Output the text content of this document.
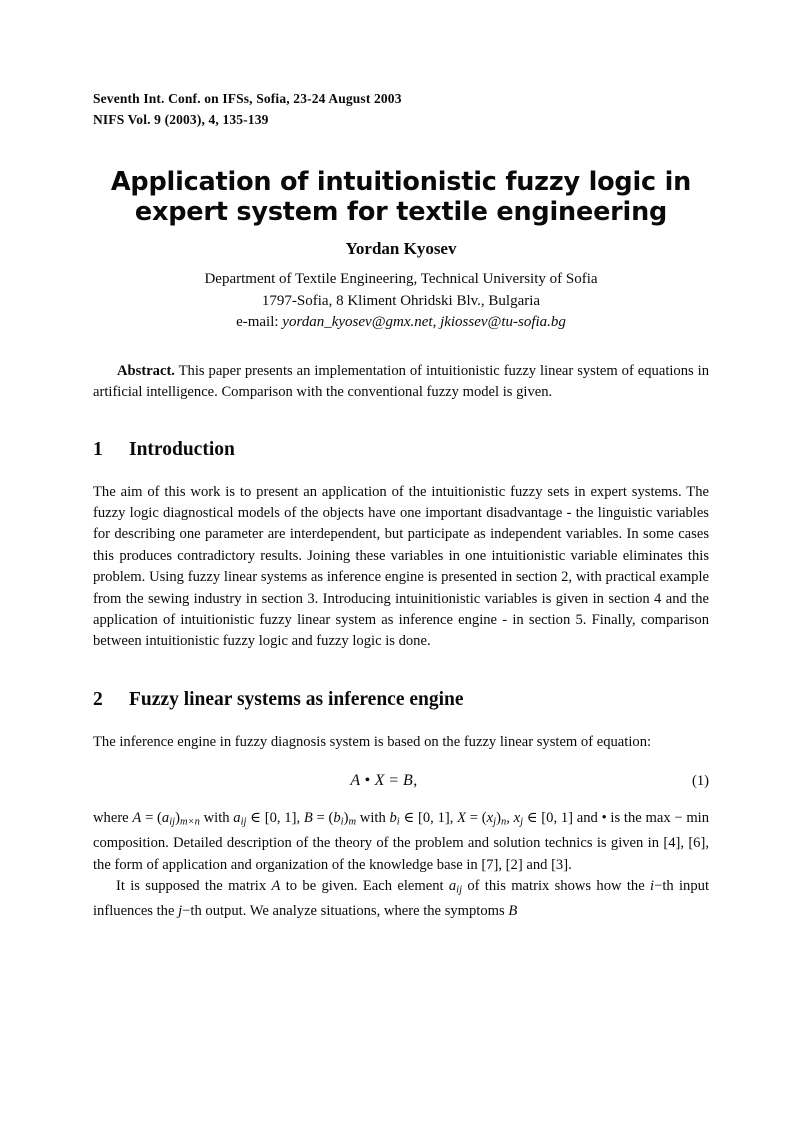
Seventh Int. Conf. on IFSs, Sofia, 23-24 August 2003
NIFS Vol. 9 (2003), 4, 135-139
Application of intuitionistic fuzzy logic in
expert system for textile engineering
Yordan Kyosev
Department of Textile Engineering, Technical University of Sofia
1797-Sofia, 8 Kliment Ohridski Blv., Bulgaria
e-mail: yordan_kyosev@gmx.net, jkiossev@tu-sofia.bg
Abstract. This paper presents an implementation of intuitionistic fuzzy linear system of equations in artificial intelligence. Comparison with the conventional fuzzy model is given.
1	Introduction

The aim of this work is to present an application of the intuitionistic fuzzy sets in expert systems. The fuzzy logic diagnostical models of the objects have one important disadvantage - the linguistic variables for describing one parameter are interdependent, but participate as independent variables. In some cases this produces contradictory results. Joining these variables in one intuitionistic variable eliminates this problem. Using fuzzy linear systems as inference engine is presented in section 2, with practical example from the sewing industry in section 3. Introducing intuinitionistic variables is given in section 4 and the application of intuitionistic fuzzy linear system as inference engine - in section 5. Finally, comparison between intuitionistic fuzzy logic and fuzzy logic is done.

2	Fuzzy linear systems as inference engine

The inference engine in fuzzy diagnosis system is based on the fuzzy linear system of equation:

A • X = B,	(1)

where $A = (a_{ij})_{m\times n}$ with $a_{ij}$ ∈ [0, 1], $B = (b_i)_m$ with $b_i$ ∈ [0, 1], $X = (x_j)_n$, $x_j$ ∈ [0, 1] and • is the max − min composition. Detailed description of the theory of the problem and solution technics is given in [4], [6], the form of application and organization of the knowledge base in [7], [2] and [3].

It is supposed the matrix A to be given. Each element $a_{ij}$ of this matrix shows how the i−th input influences the j−th output. We analyze situations, where the symptoms B
